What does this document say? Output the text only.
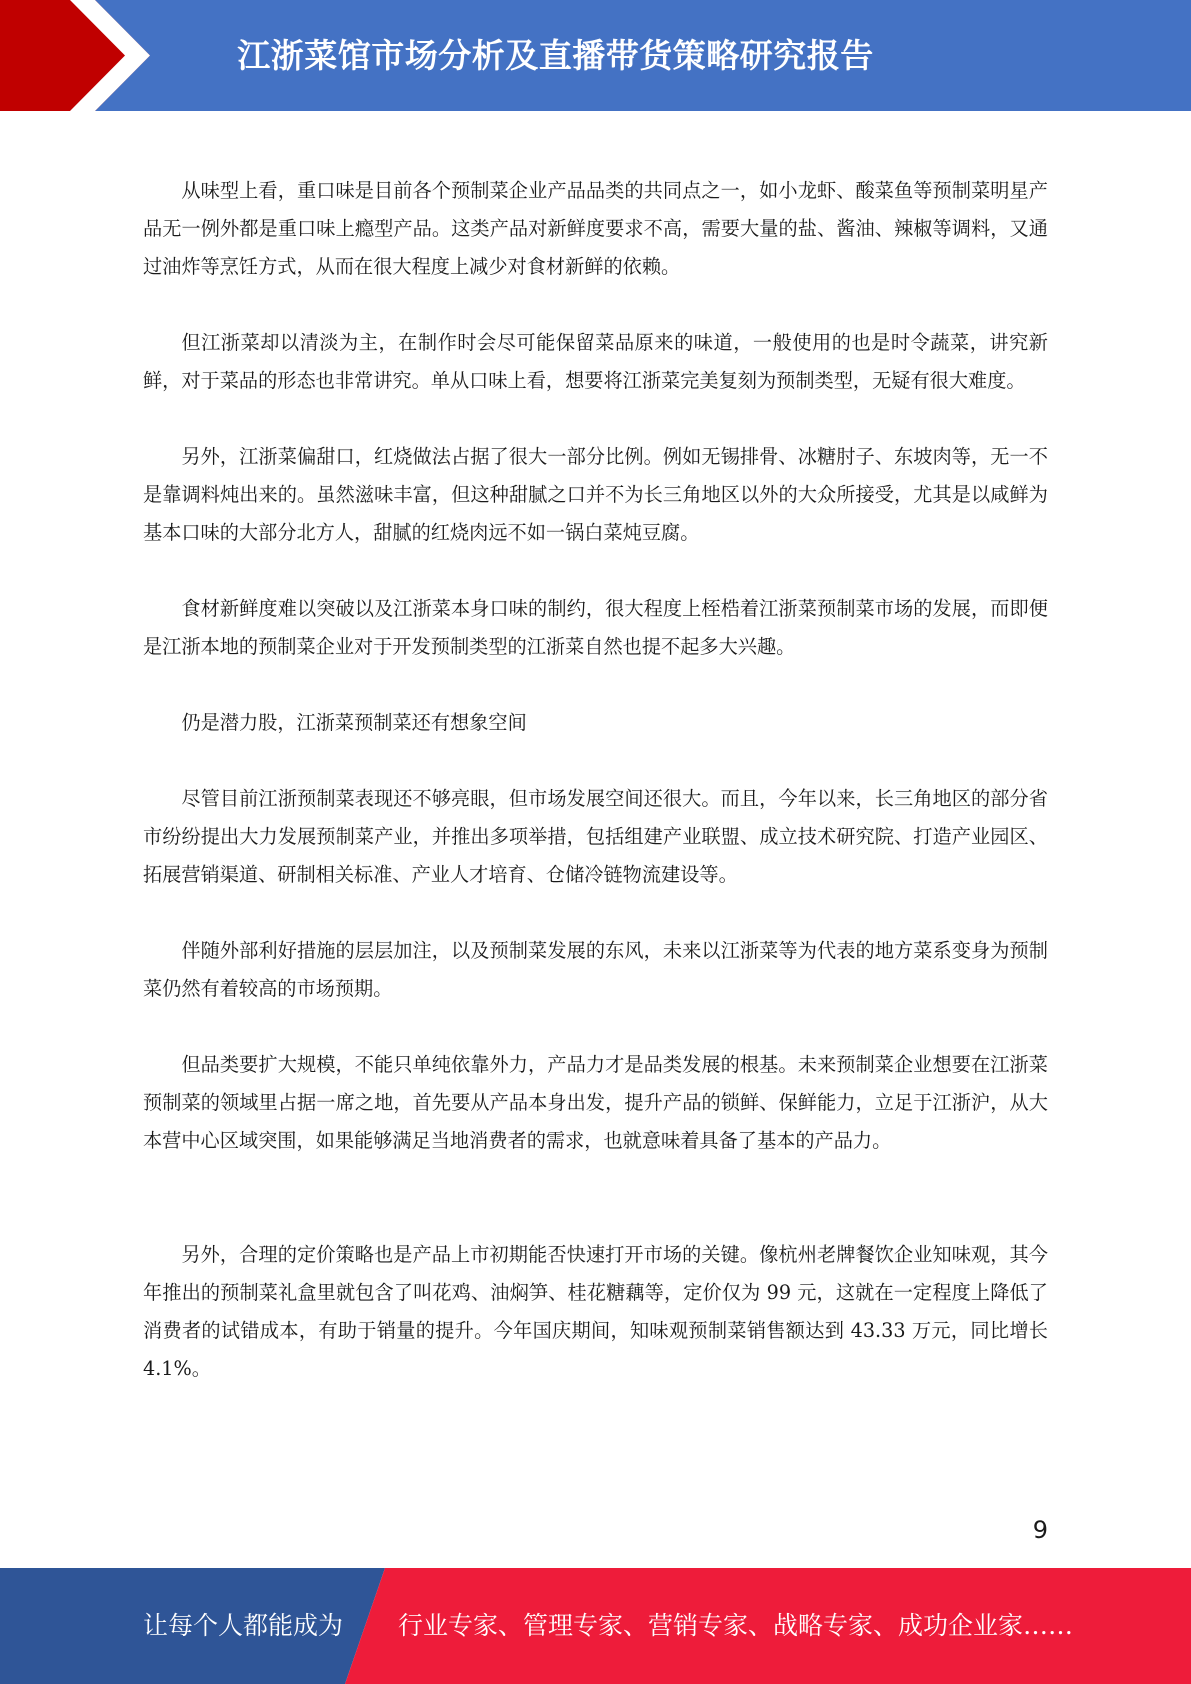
江浙菜馆市场分析及直播带货策略研究报告

从味型上看，重口味是目前各个预制菜企业产品品类的共同点之一，如小龙虾、酸菜鱼等预制菜明星产品无一例外都是重口味上瘾型产品。这类产品对新鲜度要求不高，需要大量的盐、酱油、辣椒等调料，又通过油炸等烹饪方式，从而在很大程度上减少对食材新鲜的依赖。

但江浙菜却以清淡为主，在制作时会尽可能保留菜品原来的味道，一般使用的也是时令蔬菜，讲究新鲜，对于菜品的形态也非常讲究。单从口味上看，想要将江浙菜完美复刻为预制类型，无疑有很大难度。

另外，江浙菜偏甜口，红烧做法占据了很大一部分比例。例如无锡排骨、冰糖肘子、东坡肉等，无一不是靠调料炖出来的。虽然滋味丰富，但这种甜腻之口并不为长三角地区以外的大众所接受，尤其是以咸鲜为基本口味的大部分北方人，甜腻的红烧肉远不如一锅白菜炖豆腐。

食材新鲜度难以突破以及江浙菜本身口味的制约，很大程度上桎梏着江浙菜预制菜市场的发展，而即便是江浙本地的预制菜企业对于开发预制类型的江浙菜自然也提不起多大兴趣。

仍是潜力股，江浙菜预制菜还有想象空间

尽管目前江浙预制菜表现还不够亮眼，但市场发展空间还很大。而且，今年以来，长三角地区的部分省市纷纷提出大力发展预制菜产业，并推出多项举措，包括组建产业联盟、成立技术研究院、打造产业园区、拓展营销渠道、研制相关标准、产业人才培育、仓储冷链物流建设等。

伴随外部利好措施的层层加注，以及预制菜发展的东风，未来以江浙菜等为代表的地方菜系变身为预制菜仍然有着较高的市场预期。

但品类要扩大规模，不能只单纯依靠外力，产品力才是品类发展的根基。未来预制菜企业想要在江浙菜预制菜的领域里占据一席之地，首先要从产品本身出发，提升产品的锁鲜、保鲜能力，立足于江浙沪，从大本营中心区域突围，如果能够满足当地消费者的需求，也就意味着具备了基本的产品力。

另外，合理的定价策略也是产品上市初期能否快速打开市场的关键。像杭州老牌餐饮企业知味观，其今年推出的预制菜礼盒里就包含了叫花鸡、油焖笋、桂花糖藕等，定价仅为 99 元，这就在一定程度上降低了消费者的试错成本，有助于销量的提升。今年国庆期间，知味观预制菜销售额达到 43.33 万元，同比增长 4.1%。

9
让每个人都能成为 行业专家、管理专家、营销专家、战略专家、成功企业家……
